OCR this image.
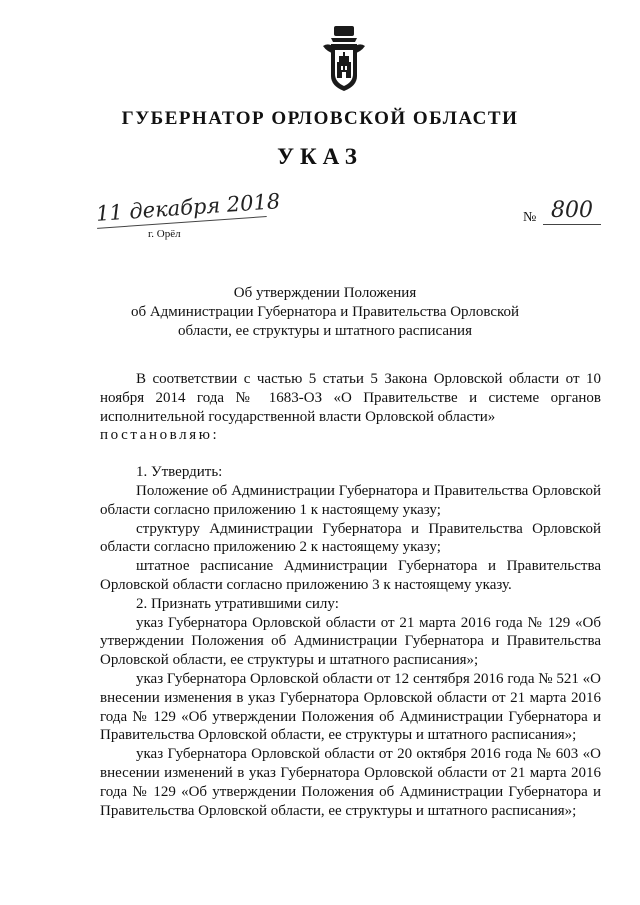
ГУБЕРНАТОР ОРЛОВСКОЙ ОБЛАСТИ
УКАЗ
11 декабря 2018
г. Орёл
№ 800
Об утверждении Положения
об Администрации Губернатора и Правительства Орловской
области, ее структуры и штатного расписания

В соответствии с частью 5 статьи 5 Закона Орловской области от 10 ноября 2014 года № 1683-ОЗ «О Правительстве и системе органов исполнительной государственной власти Орловской области»

постановляю:

1. Утвердить:

Положение об Администрации Губернатора и Правительства Орловской области согласно приложению 1 к настоящему указу;

структуру Администрации Губернатора и Правительства Орловской области согласно приложению 2 к настоящему указу;

штатное расписание Администрации Губернатора и Правительства Орловской области согласно приложению 3 к настоящему указу.

2. Признать утратившими силу:

указ Губернатора Орловской области от 21 марта 2016 года № 129 «Об утверждении Положения об Администрации Губернатора и Правительства Орловской области, ее структуры и штатного расписания»;

указ Губернатора Орловской области от 12 сентября 2016 года № 521 «О внесении изменения в указ Губернатора Орловской области от 21 марта 2016 года № 129 «Об утверждении Положения об Администрации Губернатора и Правительства Орловской области, ее структуры и штатного расписания»;

указ Губернатора Орловской области от 20 октября 2016 года № 603 «О внесении изменений в указ Губернатора Орловской области от 21 марта 2016 года № 129 «Об утверждении Положения об Администрации Губернатора и Правительства Орловской области, ее структуры и штатного расписания»;
